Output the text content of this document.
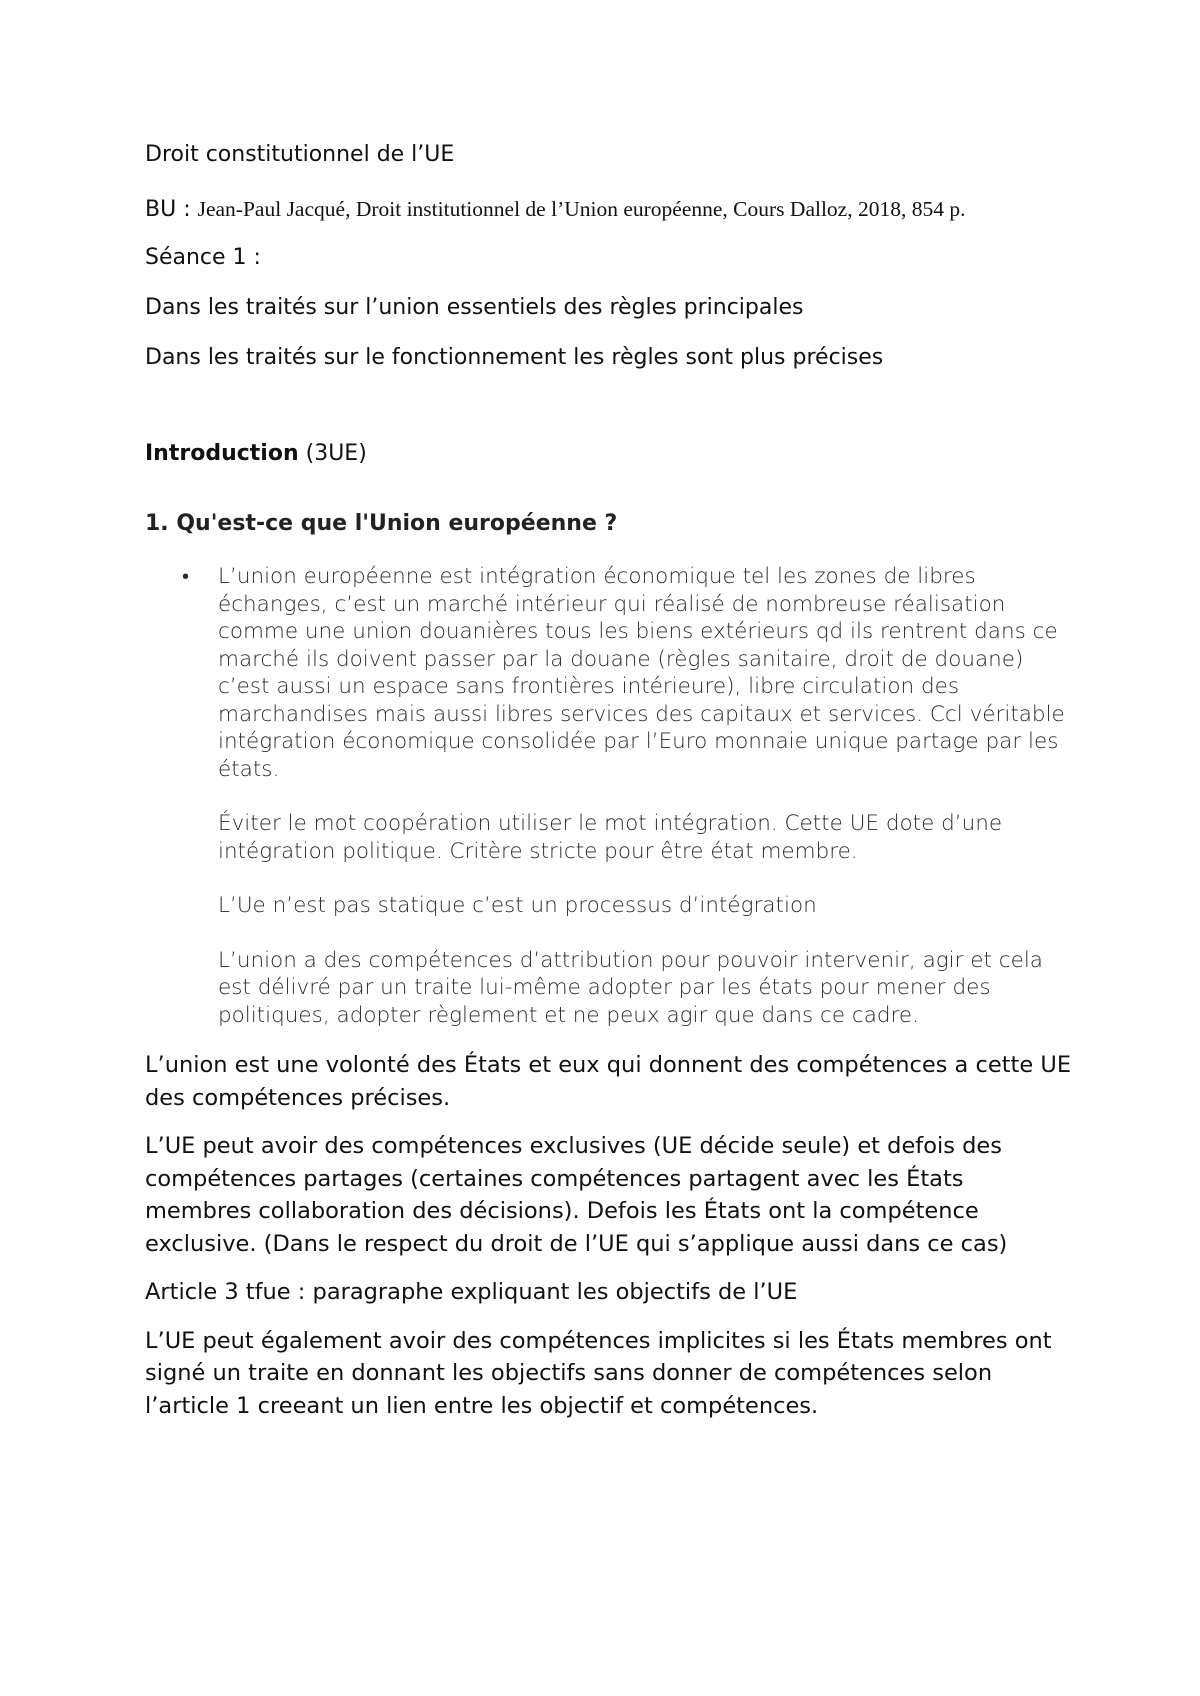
Droit constitutionnel de l’UE
BU : Jean-Paul Jacqué, Droit institutionnel de l’Union européenne, Cours Dalloz, 2018, 854 p.
Séance 1 :
Dans les traités sur l’union essentiels des règles principales
Dans les traités sur le fonctionnement les règles sont plus précises
Introduction (3UE)
1. Qu'est-ce que l'Union européenne ?
• L’union européenne est intégration économique tel les zones de libres échanges, c’est un marché intérieur qui réalisé de nombreuse réalisation comme une union douanières tous les biens extérieurs qd ils rentrent dans ce marché ils doivent passer par la douane (règles sanitaire, droit de douane) c’est aussi un espace sans frontières intérieure), libre circulation des marchandises mais aussi libres services des capitaux et services. Ccl véritable intégration économique consolidée par l’Euro monnaie unique partage par les états.

Éviter le mot coopération utiliser le mot intégration. Cette UE dote d’une intégration politique. Critère stricte pour être état membre.

L’Ue n’est pas statique c’est un processus d’intégration

L’union a des compétences d’attribution pour pouvoir intervenir, agir et cela est délivré par un traite lui-même adopter par les états pour mener des politiques, adopter règlement et ne peux agir que dans ce cadre.

L’union est une volonté des États et eux qui donnent des compétences a cette UE des compétences précises.
L’UE peut avoir des compétences exclusives (UE décide seule) et defois des compétences partages (certaines compétences partagent avec les États membres collaboration des décisions). Defois les États ont la compétence exclusive. (Dans le respect du droit de l’UE qui s’applique aussi dans ce cas)
Article 3 tfue : paragraphe expliquant les objectifs de l’UE
L’UE peut également avoir des compétences implicites si les États membres ont signé un traite en donnant les objectifs sans donner de compétences selon l’article 1 creeant un lien entre les objectif et compétences.
